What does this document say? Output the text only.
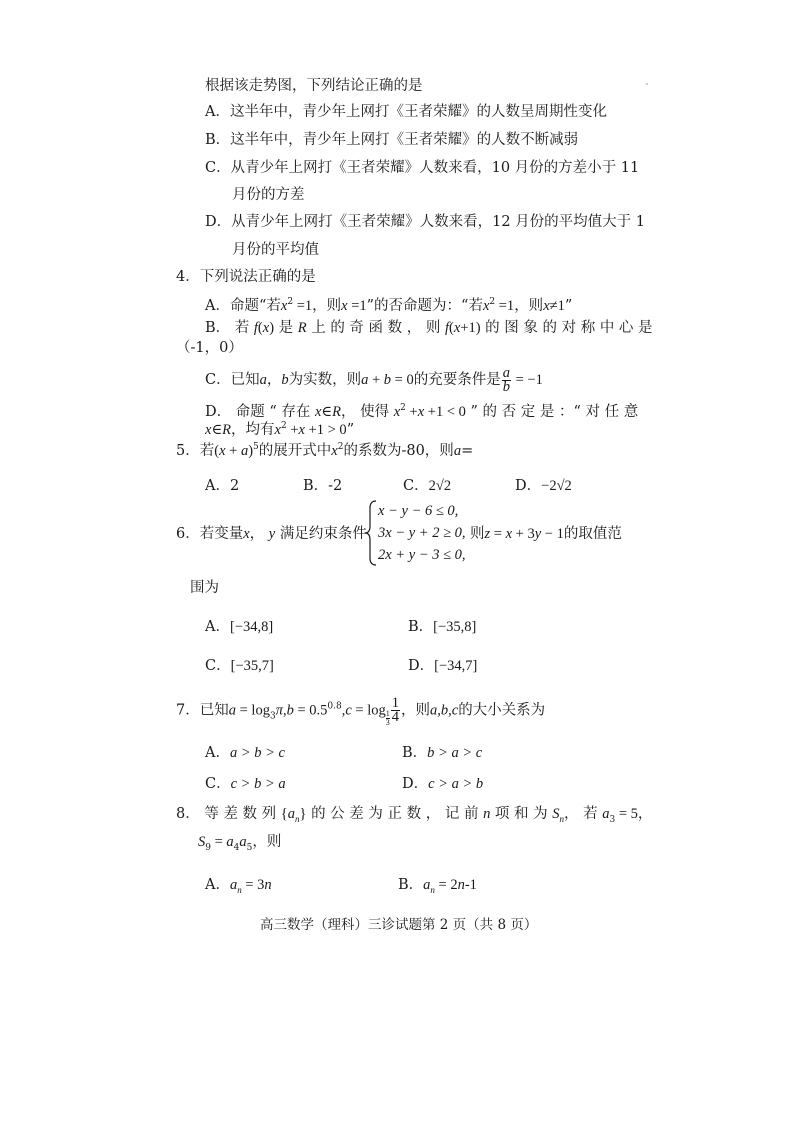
根据该走势图，下列结论正确的是
A．这半年中，青少年上网打《王者荣耀》的人数呈周期性变化
B．这半年中，青少年上网打《王者荣耀》的人数不断减弱
C．从青少年上网打《王者荣耀》人数来看，10 月份的方差小于 11
月份的方差
D．从青少年上网打《王者荣耀》人数来看，12 月份的平均值大于 1
月份的平均值
4．下列说法正确的是
A．命题“若$x^2 =1$，则x =1”的否命题为：“若$x^2 =1$，则x≠1”
B． 若 f(x) 是 R 上 的 奇 函 数 ， 则 f(x+1) 的 图 象 的 对 称 中 心 是
（-1，0）
C．已知a，b为实数，则a + b = 0的充要条件是 $\frac{a}{b} = -1$
D． 命题 “ 存在 x∈R， 使得 $x^2 +x +1 < 0$ ” 的 否 定 是 ：“ 对 任 意
x∈R，均有$x^2 +x +1 > 0$”
5．若$(x + a)^5$的展开式中$x^2$的系数为-80，则a=
A．2	B．-2	C．2√2	D．−2√2
6．若变量x， y 满足约束条件
x − y − 6 ≤ 0,
3x − y + 2 ≥ 0,
2x + y − 3 ≤ 0,
则z = x + 3y − 1的取值范
围为
A．[−34,8]	B．[−35,8]
C．[−35,7]	D．[−34,7]
7．已知$a = \log_3\pi,b = 0.5^{0.8},c = \log \frac{1}{3} \frac{1}{4}$ ，则a,b,c的大小关系为
A．a > b > c	B．b > a > c
C．c > b > a	D．c > a > b
8． 等 差 数 列 $\{a_n\}$ 的 公 差 为 正 数 ， 记 前 n 项 和 为 $S_n$， 若 $a_3 = 5$，
$S_9 = a_4a_5$，则
A．$a_n = 3n$	B．$a_n = 2n-1$
高三数学（理科）三诊试题第 2 页（共 8 页）
